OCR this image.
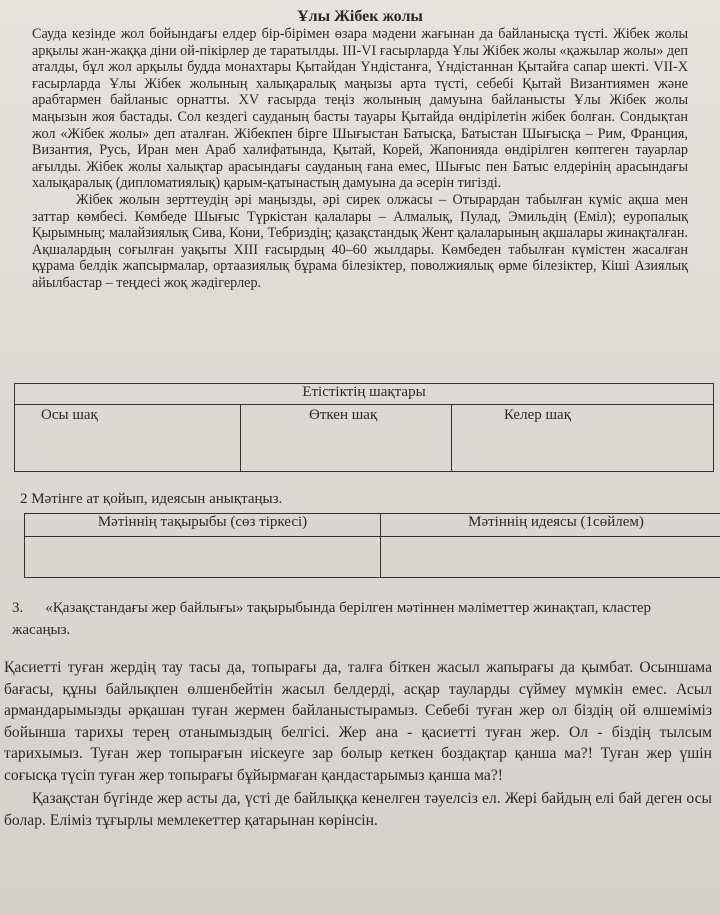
Ұлы Жібек жолы

Сауда кезінде жол бойындағы елдер бір-бірімен өзара мәдени жағынан да байланысқа түсті. Жібек жолы арқылы жан-жаққа діни ой-пікірлер де таратылды. III-VI ғасырларда Ұлы Жібек жолы «қажылар жолы» деп аталды, бұл жол арқылы будда монахтары Қытайдан Үндістанға, Үндістаннан Қытайға сапар шекті. VII-X ғасырларда Ұлы Жібек жолының халықаралық маңызы арта түсті, себебі Қытай Византиямен және арабтармен байланыс орнатты. XV ғасырда теңіз жолының дамуына байланысты Ұлы Жібек жолы маңызын жоя бастады. Сол кездегі сауданың басты тауары Қытайда өндірілетін жібек болған. Сондықтан жол «Жібек жолы» деп аталған. Жібекпен бірге Шығыстан Батысқа, Батыстан Шығысқа – Рим, Франция, Византия, Русь, Иран мен Араб халифатында, Қытай, Корей, Жапонияда өндірілген көптеген тауарлар ағылды. Жібек жолы халықтар арасындағы сауданың ғана емес, Шығыс пен Батыс елдерінің арасындағы халықаралық (дипломатиялық) қарым-қатынастың дамуына да әсерін тигізді.

Жібек жолын зерттеудің әрі маңызды, әрі сирек олжасы – Отырардан табылған күміс ақша мен заттар көмбесі. Көмбеде Шығыс Түркістан қалалары – Алмалық, Пулад, Эмильдің (Еміл); еуропалық Қырымның; малайзиялық Сива, Кони, Тебриздің; қазақстандық Жент қалаларының ақшалары жинақталған. Ақшалардың соғылған уақыты XIII ғасырдың 40–60 жылдары. Көмбеден табылған күмістен жасалған құрама белдік жапсырмалар, ортаазиялық бұрама білезіктер, поволжиялық өрме білезіктер, Кіші Азиялық айылбастар – теңдесі жоқ жәдігерлер.

Етістіктің шақтары

Осы шақ	Өткен шақ	Келер шақ
2 Мәтінге ат қойып, идеясын анықтаңыз.
Мәтіннің тақырыбы (сөз тіркесі)	Мәтіннің идеясы (1сөйлем)

3. «Қазақстандағы жер байлығы» тақырыбында берілген мәтіннен мәліметтер жинақтап, кластер жасаңыз.

Қасиетті туған жердің тау тасы да, топырағы да, талға біткен жасыл жапырағы да қымбат. Осыншама бағасы, құны байлықпен өлшенбейтін жасыл белдерді, асқар тауларды сүймеу мүмкін емес. Асыл армандарымызды әрқашан туған жермен байланыстырамыз. Себебі туған жер ол біздің ой өлшеміміз бойынша тарихы терең отанымыздың белгісі. Жер ана - қасиетті туған жер. Ол - біздің тылсым тарихымыз. Туған жер топырағын иіскеуге зар болыр кеткен боздақтар қанша ма?! Туған жер үшін соғысқа түсіп туған жер топырағы бұйырмаған қандастарымыз қанша ма?!

Қазақстан бүгінде жер асты да, үсті де байлыққа кенелген тәуелсіз ел. Жері байдың елі бай деген осы болар. Еліміз тұғырлы мемлекеттер қатарынан көрінсін.
